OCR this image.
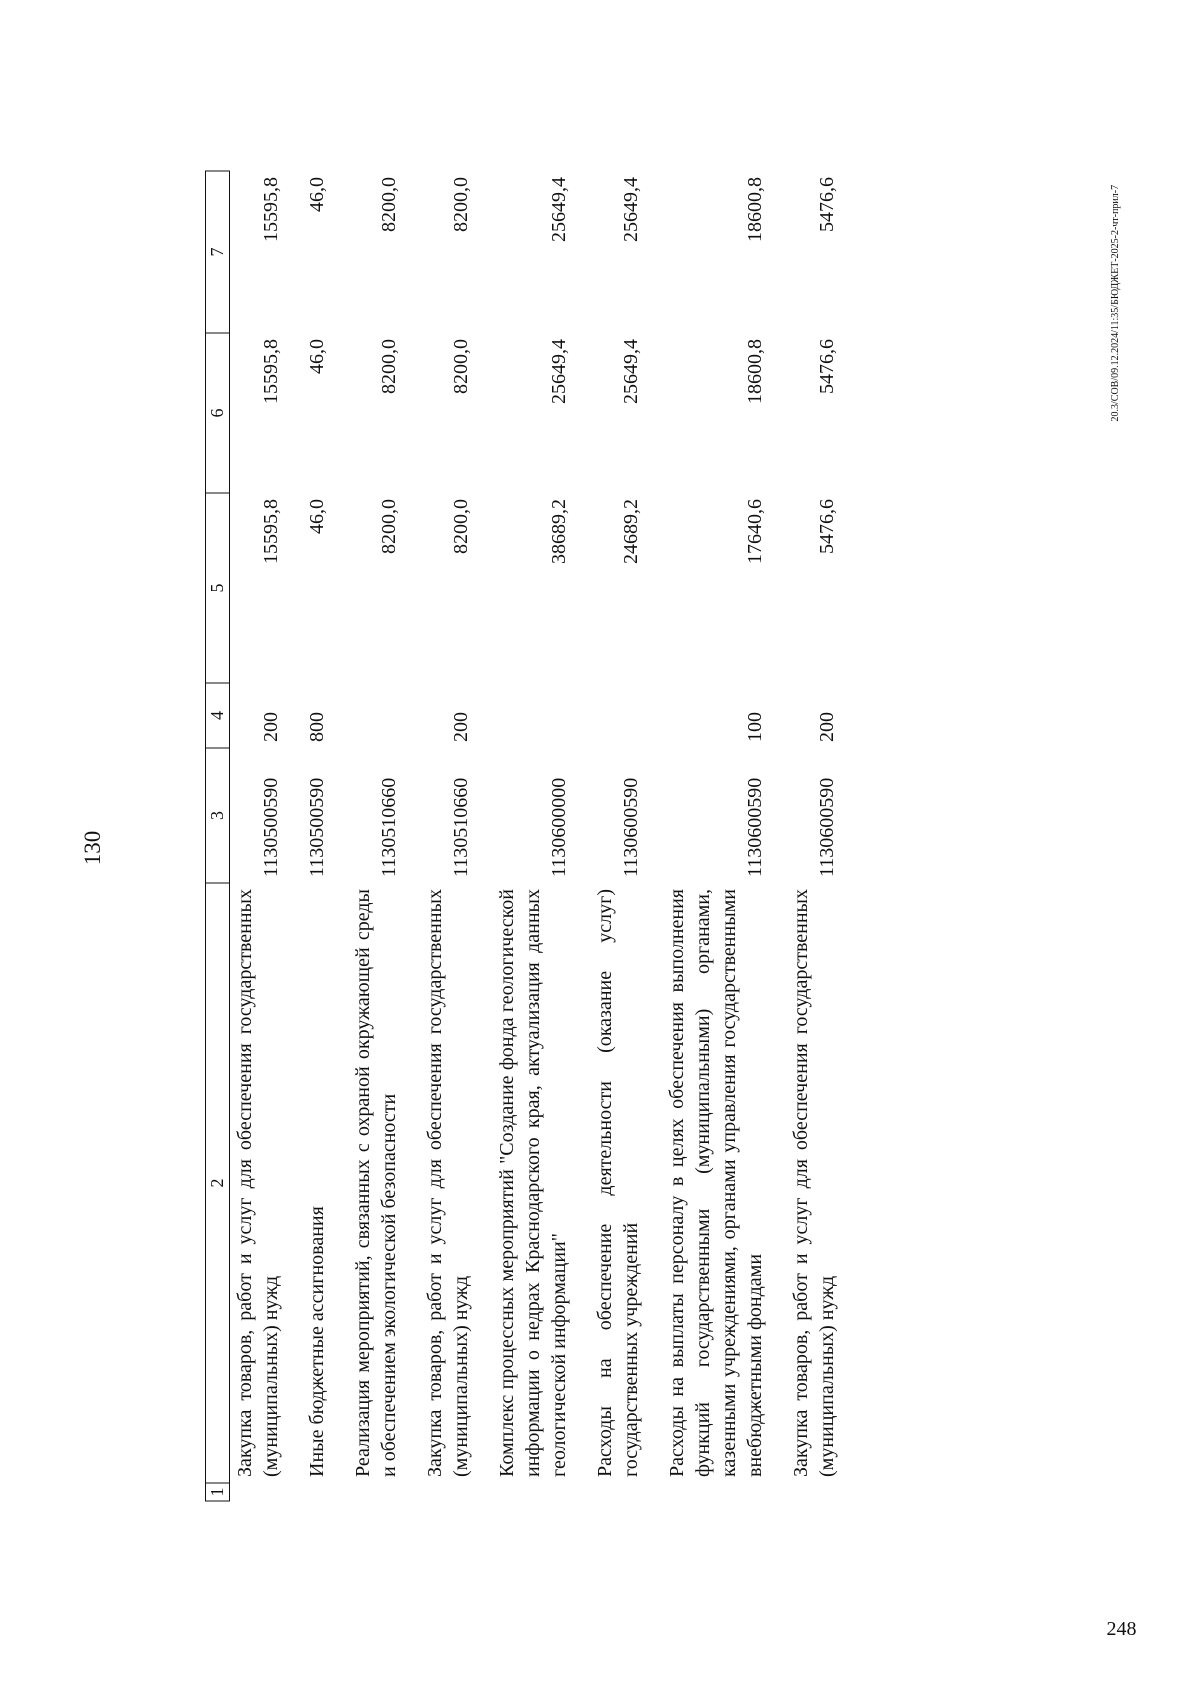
130
248
20.3/СОВ/09.12.2024/11:35/БЮДЖЕТ-2025-2-чт-прил-7
1	2	3	4	5	6	7
	Закупка товаров, работ и услуг для обеспечения государственных (муниципальных) нужд	1130500590	200	15595,8	15595,8	15595,8
	Иные бюджетные ассигнования	1130500590	800	46,0	46,0	46,0
	Реализация мероприятий, связанных с охраной окружающей среды и обеспечением экологической безопасности	1130510660		8200,0	8200,0	8200,0
	Закупка товаров, работ и услуг для обеспечения государственных (муниципальных) нужд	1130510660	200	8200,0	8200,0	8200,0
	Комплекс процессных мероприятий "Создание фонда геологической информации о недрах Краснодарского края, актуализация данных геологической информации"	1130600000		38689,2	25649,4	25649,4
	Расходы на обеспечение деятельности (оказание услуг) государственных учреждений	1130600590		24689,2	25649,4	25649,4
	Расходы на выплаты персоналу в целях обеспечения выполнения функций государственными (муниципальными) органами, казенными учреждениями, органами управления государственными внебюджетными фондами	1130600590	100	17640,6	18600,8	18600,8
	Закупка товаров, работ и услуг для обеспечения государственных (муниципальных) нужд	1130600590	200	5476,6	5476,6	5476,6
